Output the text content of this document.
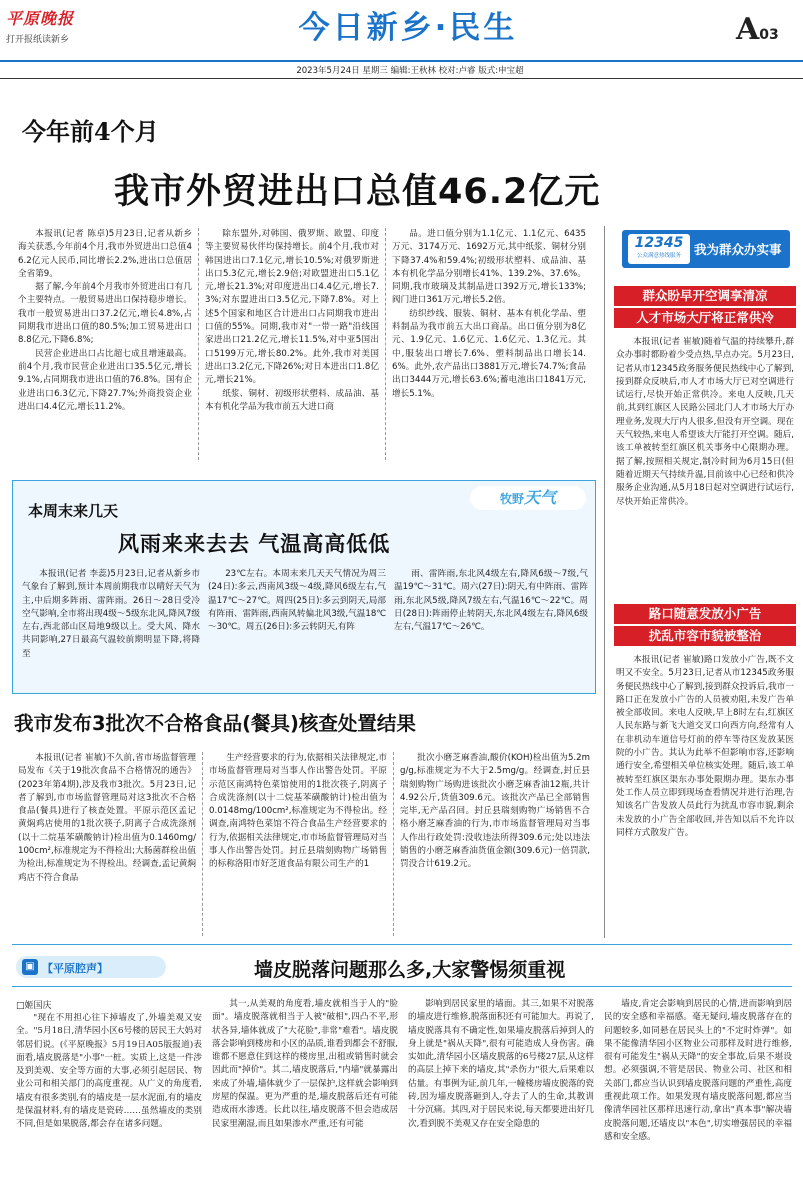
平原晚报
打开报纸读新乡	今日新乡·民生	A03
2023年5月24日 星期三 编辑:王秋林 校对:卢睿 版式:申宝超
今年前4个月
我市外贸进出口总值46.2亿元

本报讯(记者 陈卓)5月23日,记者从新乡海关获悉,今年前4个月,我市外贸进出口总值46.2亿元人民币,同比增长2.2%,进出口总值居全省第9。

据了解,今年前4个月我市外贸进出口有几个主要特点。一般贸易进出口保持稳步增长。我市一般贸易进出口37.2亿元,增长4.8%,占同期我市进出口值的80.5%;加工贸易进出口8.8亿元,下降6.8%;

民营企业进出口占比超七成且增速最高。前4个月,我市民营企业进出口35.5亿元,增长9.1%,占同期我市进出口值的76.8%。国有企业进出口6.3亿元,下降27.7%;外商投资企业进出口4.4亿元,增长11.2%。

除东盟外,对韩国、俄罗斯、欧盟、印度等主要贸易伙伴均保持增长。前4个月,我市对韩国进出口7.1亿元,增长10.5%;对俄罗斯进出口5.3亿元,增长2.9倍;对欧盟进出口5.1亿元,增长21.3%;对印度进出口4.4亿元,增长7.3%;对东盟进出口3.5亿元,下降7.8%。对上述5个国家和地区合计进出口占同期我市进出口值的55%。同期,我市对"一带一路"沿线国家进出口21.2亿元,增长11.5%,对中亚5国出口5199万元,增长80.2%。此外,我市对美国进出口3.2亿元,下降26%;对日本进出口1.8亿元,增长21%。

纸浆、铜材、初级形状塑料、成品油、基本有机化学品为我市前五大进口商

品。进口值分别为1.1亿元、1.1亿元、6435万元、3174万元、1692万元,其中纸浆、铜材分别下降37.4%和59.4%;初级形状塑料、成品油、基本有机化学品分别增长41%、139.2%、37.6%。同期,我市玻璃及其制品进口392万元,增长133%;阀门进口361万元,增长5.2倍。

纺织纱线、服装、铜材、基本有机化学品、塑料制品为我市前五大出口商品。出口值分别为8亿元、1.9亿元、1.6亿元、1.6亿元、1.3亿元。其中,服装出口增长7.6%、塑料制品出口增长14.6%。此外,农产品出口3881万元,增长74.7%;食品出口3444万元,增长63.6%;蓄电池出口1841万元,增长5.1%。

牧野天气
本周末来几天
风雨来来去去 气温高高低低

本报讯(记者 李蕊)5月23日,记者从新乡市气象台了解到,预计本周前期我市以晴好天气为主,中后期多阵雨、雷阵雨。26日～28日受冷空气影响,全市将出现4级～5级东北风,降风7级左右,西北部山区局地9级以上。受大风、降水共同影响,27日最高气温较前期明显下降,将降至

23℃左右。本周末来几天天气情况为周三(24日):多云,西南风3级～4级,降风6级左右,气温17℃～27℃。周四(25日):多云到阴天,局部有阵雨、雷阵雨,西南风转偏北风3级,气温18℃～30℃。周五(26日):多云转阴天,有阵

雨、雷阵雨,东北风4级左右,降风6级～7级,气温19℃～31℃。周六(27日):阴天,有中阵雨、雷阵雨,东北风5级,降风7级左右,气温16℃～22℃。周日(28日):阵雨停止转阴天,东北风4级左右,降风6级左右,气温17℃～26℃。

我市发布3批次不合格食品(餐具)核查处置结果

本报讯(记者 崔敏)不久前,省市场监督管理局发布《关于19批次食品不合格情况的通告》(2023年第4期),涉及我市3批次。5月23日,记者了解到,市市场监督管理局对这3批次不合格食品(餐具)进行了核查处置。平原示范区孟记黄焖鸡店使用的1批次筷子,阴离子合成洗涤剂(以十二烷基苯磺酸钠计)检出值为0.1460mg/100cm²,标准规定为不得检出;大肠菌群检出值为检出,标准规定为不得检出。经调查,孟记黄焖鸡店不符合食品

生产经营要求的行为,依据相关法律规定,市市场监督管理局对当事人作出警告处罚。平原示范区南鸿特色菜馆使用的1批次筷子,阴离子合成洗涤剂(以十二烷基苯磺酸钠计)检出值为0.0148mg/100cm²,标准规定为不得检出。经调查,南鸿特色菜馆不符合食品生产经营要求的行为,依据相关法律规定,市市场监督管理局对当事人作出警告处罚。封丘县瑞刻购物广场销售的标称洛阳市好芝道食品有限公司生产的1

批次小磨芝麻香油,酸价(KOH)检出值为5.2mg/g,标准规定为不大于2.5mg/g。经调查,封丘县瑞刻购物广场购进该批次小磨芝麻香油12瓶,共计4.92公斤,货值309.6元。该批次产品已全部销售完毕,无产品召回。封丘县瑞刻购物广场销售不合格小磨芝麻香油的行为,市市场监督管理局对当事人作出行政处罚:没收违法所得309.6元;处以违法销售的小磨芝麻香油货值金额(309.6元)一倍罚款,罚没合计619.2元。

12345
公众满意热线服务	我为群众办实事
群众盼早开空调享清凉
人才市场大厅将正常供冷

本报讯(记者 崔敏)随着气温的持续攀升,群众办事时都盼着少受点热,早点办完。5月23日,记者从市12345政务服务便民热线中心了解到,接到群众反映后,市人才市场大厅已对空调进行试运行,尽快开始正常供冷。来电人反映,几天前,其到红旗区人民路公园北门人才市场大厅办理业务,发现大厅内人很多,但没有开空调。现在天气较热,来电人希望该大厅能打开空调。随后,该工单被转至红旗区机关事务中心限期办理。据了解,按照相关规定,制冷时间为6月15日(但随着近期天气持续升温,目前该中心已经和供冷服务企业沟通,从5月18日起对空调进行试运行,尽快开始正常供冷。

路口随意发放小广告
扰乱市容市貌被整治

本报讯(记者 崔敏)路口发放小广告,既不文明又不安全。5月23日,记者从市12345政务服务便民热线中心了解到,接到群众投诉后,我市一路口正在发放小广告的人员被劝阻,未发广告单被全部收回。来电人反映,早上8时左右,红旗区人民东路与新飞大道交叉口向西方向,经常有人在非机动车道信号灯前的停车等待区发放某医院的小广告。其认为此举不但影响市容,还影响通行安全,希望相关单位核实处理。随后,该工单被转至红旗区渠东办事处限期办理。渠东办事处工作人员立即到现场查看情况并进行治理,告知该名广告发放人员此行为扰乱市容市貌,剩余未发放的小广告全部收回,并告知以后不允许以同样方式散发广告。

▣ 【平原腔声】	墙皮脱落问题那么多,大家警惕须重视
□姬国庆

"现在不用担心往下掉墙皮了,外墙美观又安全。"5月18日,清华园小区6号楼的居民王大妈对邻居们说。(《平原晚报》5月19日A05版报道)表面看,墙皮脱落是"小事"一桩。实质上,这是一件涉及到美观、安全等方面的大事,必须引起居民、物业公司和相关部门的高度重视。从广义的角度看,墙皮有很多类别,有的墙皮是一层水泥面,有的墙皮是保温材料,有的墙皮是瓷砖……虽然墙皮的类别不同,但是如果脱落,都会存在诸多问题。

其一,从美观的角度看,墙皮就相当于人的"脸面"。墙皮脱落就相当于人被"破相",四凸不平,形状各异,墙体就成了"大花脸",非常"难看"。墙皮脱落会影响到楼房和小区的品质,谁看到都会不舒服,谁都不愿意住到这样的楼房里,出租或销售时就会因此而"掉价"。其二,墙皮脱落后,"内墙"就暴露出来成了外墙,墙体就少了一层保护,这样就会影响到房屋的保温。更为严重的是,墙皮脱落后还有可能造成雨水渗透。长此以往,墙皮脱落不但会造成居民家里潮湿,而且如果渗水严重,还有可能

影响到居民家里的墙面。其三,如果不对脱落的墙皮进行维修,脱落面积还有可能加大。再说了,墙皮脱落具有不确定性,如果墙皮脱落后掉到人的身上就是"祸从天降",很有可能造成人身伤害。确实如此,清华园小区墙皮脱落的6号楼27层,从这样的高层上掉下来的墙皮,其"杀伤力"很大,后果难以估量。有事例为证,前几年,一幢楼房墙皮脱落的瓷砖,因为墙皮脱落砸到人,夺去了人的生命,其教训十分沉痛。其四,对于居民来说,每天都要进出好几次,看到脱不美观又存在安全隐患的

墙皮,肯定会影响到居民的心情,进而影响到居民的安全感和幸福感。毫无疑问,墙皮脱落存在的问题较多,如同悬在居民头上的"不定时炸弹"。如果不能像清华园小区物业公司那样及时进行维修,很有可能发生"祸从天降"的安全事故,后果不堪设想。必须强调,不管是居民、物业公司、社区和相关部门,都应当认识到墙皮脱落问题的严重性,高度重视此项工作。如果发现有墙皮脱落问题,都应当像清华园社区那样迅速行动,拿出"真本事"解决墙皮脱落问题,还墙皮以"本色",切实增强居民的幸福感和安全感。
